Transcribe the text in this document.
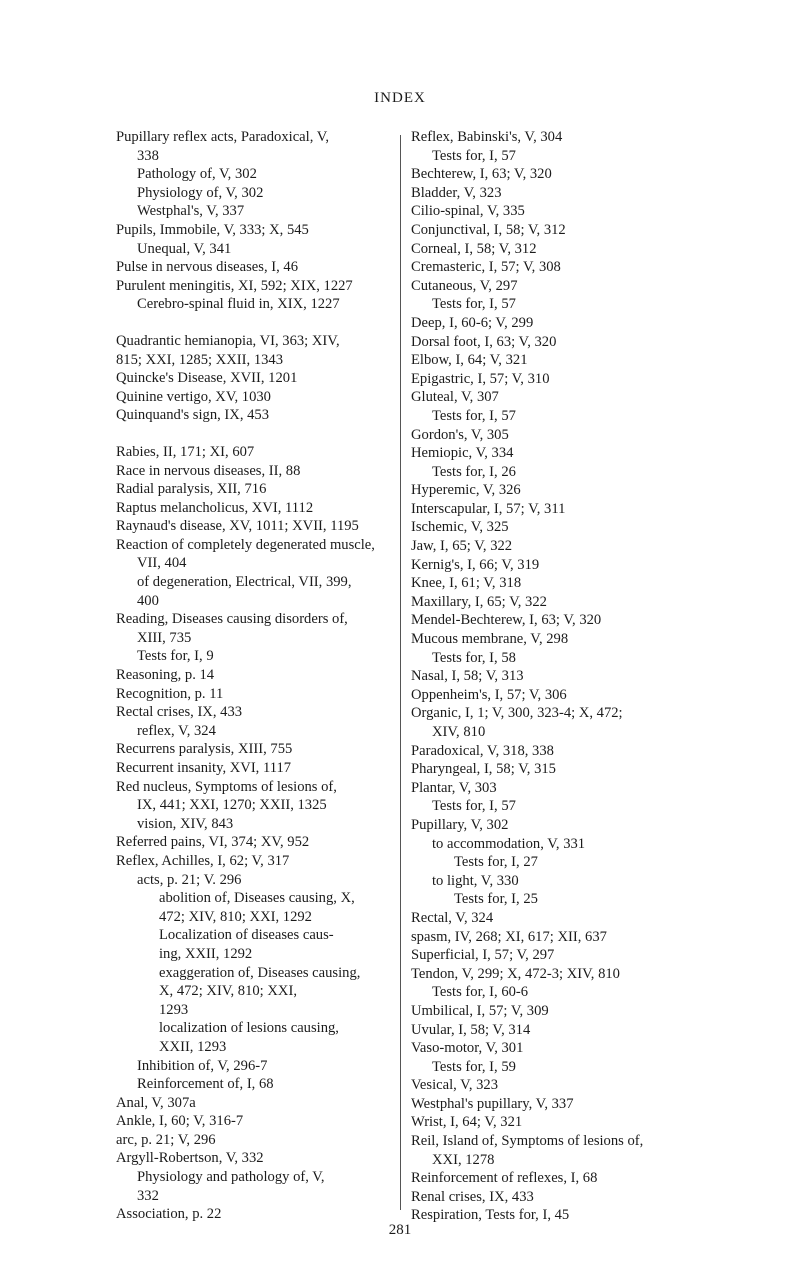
INDEX
Pupillary reflex acts, Paradoxical, V,
338
Pathology of, V, 302
Physiology of, V, 302
Westphal's, V, 337
Pupils, Immobile, V, 333; X, 545
Unequal, V, 341
Pulse in nervous diseases, I, 46
Purulent meningitis, XI, 592; XIX, 1227
Cerebro-spinal fluid in, XIX, 1227
Quadrantic hemianopia, VI, 363; XIV,
815; XXI, 1285; XXII, 1343
Quincke's Disease, XVII, 1201
Quinine vertigo, XV, 1030
Quinquand's sign, IX, 453
Rabies, II, 171; XI, 607
Race in nervous diseases, II, 88
Radial paralysis, XII, 716
Raptus melancholicus, XVI, 1112
Raynaud's disease, XV, 1011; XVII, 1195
Reaction of completely degenerated muscle,
VII, 404
of degeneration, Electrical, VII, 399,
400
Reading, Diseases causing disorders of,
XIII, 735
Tests for, I, 9
Reasoning, p. 14
Recognition, p. 11
Rectal crises, IX, 433
reflex, V, 324
Recurrens paralysis, XIII, 755
Recurrent insanity, XVI, 1117
Red nucleus, Symptoms of lesions of,
IX, 441; XXI, 1270; XXII, 1325
vision, XIV, 843
Referred pains, VI, 374; XV, 952
Reflex, Achilles, I, 62; V, 317
acts, p. 21; V. 296
abolition of, Diseases causing, X,
472; XIV, 810; XXI, 1292
Localization of diseases caus-
ing, XXII, 1292
exaggeration of, Diseases causing,
X, 472; XIV, 810; XXI,
1293
localization of lesions causing,
XXII, 1293
Inhibition of, V, 296-7
Reinforcement of, I, 68
Anal, V, 307a
Ankle, I, 60; V, 316-7
arc, p. 21; V, 296
Argyll-Robertson, V, 332
Physiology and pathology of, V,
332
Association, p. 22
Reflex, Babinski's, V, 304
Tests for, I, 57
Bechterew, I, 63; V, 320
Bladder, V, 323
Cilio-spinal, V, 335
Conjunctival, I, 58; V, 312
Corneal, I, 58; V, 312
Cremasteric, I, 57; V, 308
Cutaneous, V, 297
Tests for, I, 57
Deep, I, 60-6; V, 299
Dorsal foot, I, 63; V, 320
Elbow, I, 64; V, 321
Epigastric, I, 57; V, 310
Gluteal, V, 307
Tests for, I, 57
Gordon's, V, 305
Hemiopic, V, 334
Tests for, I, 26
Hyperemic, V, 326
Interscapular, I, 57; V, 311
Ischemic, V, 325
Jaw, I, 65; V, 322
Kernig's, I, 66; V, 319
Knee, I, 61; V, 318
Maxillary, I, 65; V, 322
Mendel-Bechterew, I, 63; V, 320
Mucous membrane, V, 298
Tests for, I, 58
Nasal, I, 58; V, 313
Oppenheim's, I, 57; V, 306
Organic, I, 1; V, 300, 323-4; X, 472;
XIV, 810
Paradoxical, V, 318, 338
Pharyngeal, I, 58; V, 315
Plantar, V, 303
Tests for, I, 57
Pupillary, V, 302
to accommodation, V, 331
Tests for, I, 27
to light, V, 330
Tests for, I, 25
Rectal, V, 324
spasm, IV, 268; XI, 617; XII, 637
Superficial, I, 57; V, 297
Tendon, V, 299; X, 472-3; XIV, 810
Tests for, I, 60-6
Umbilical, I, 57; V, 309
Uvular, I, 58; V, 314
Vaso-motor, V, 301
Tests for, I, 59
Vesical, V, 323
Westphal's pupillary, V, 337
Wrist, I, 64; V, 321
Reil, Island of, Symptoms of lesions of,
XXI, 1278
Reinforcement of reflexes, I, 68
Renal crises, IX, 433
Respiration, Tests for, I, 45
281
